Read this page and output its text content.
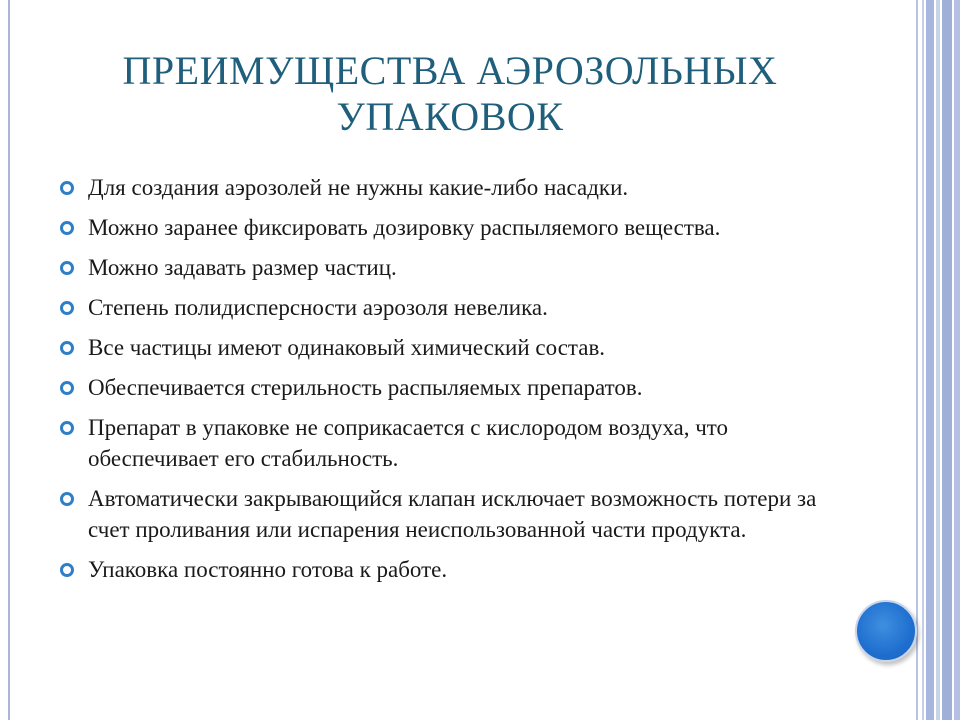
ПРЕИМУЩЕСТВА АЭРОЗОЛЬНЫХ
УПАКОВОК
Для создания аэрозолей не нужны какие-либо насадки.
Можно заранее фиксировать дозировку распыляемого вещества.
Можно задавать размер частиц.
Степень полидисперсности аэрозоля невелика.
Все частицы имеют одинаковый химический состав.
Обеспечивается стерильность распыляемых препаратов.
Препарат в упаковке не соприкасается с кислородом воздуха, что обеспечивает его стабильность.
Автоматически закрывающийся клапан исключает возможность потери за счет проливания или испарения неиспользованной части продукта.
Упаковка постоянно готова к работе.
